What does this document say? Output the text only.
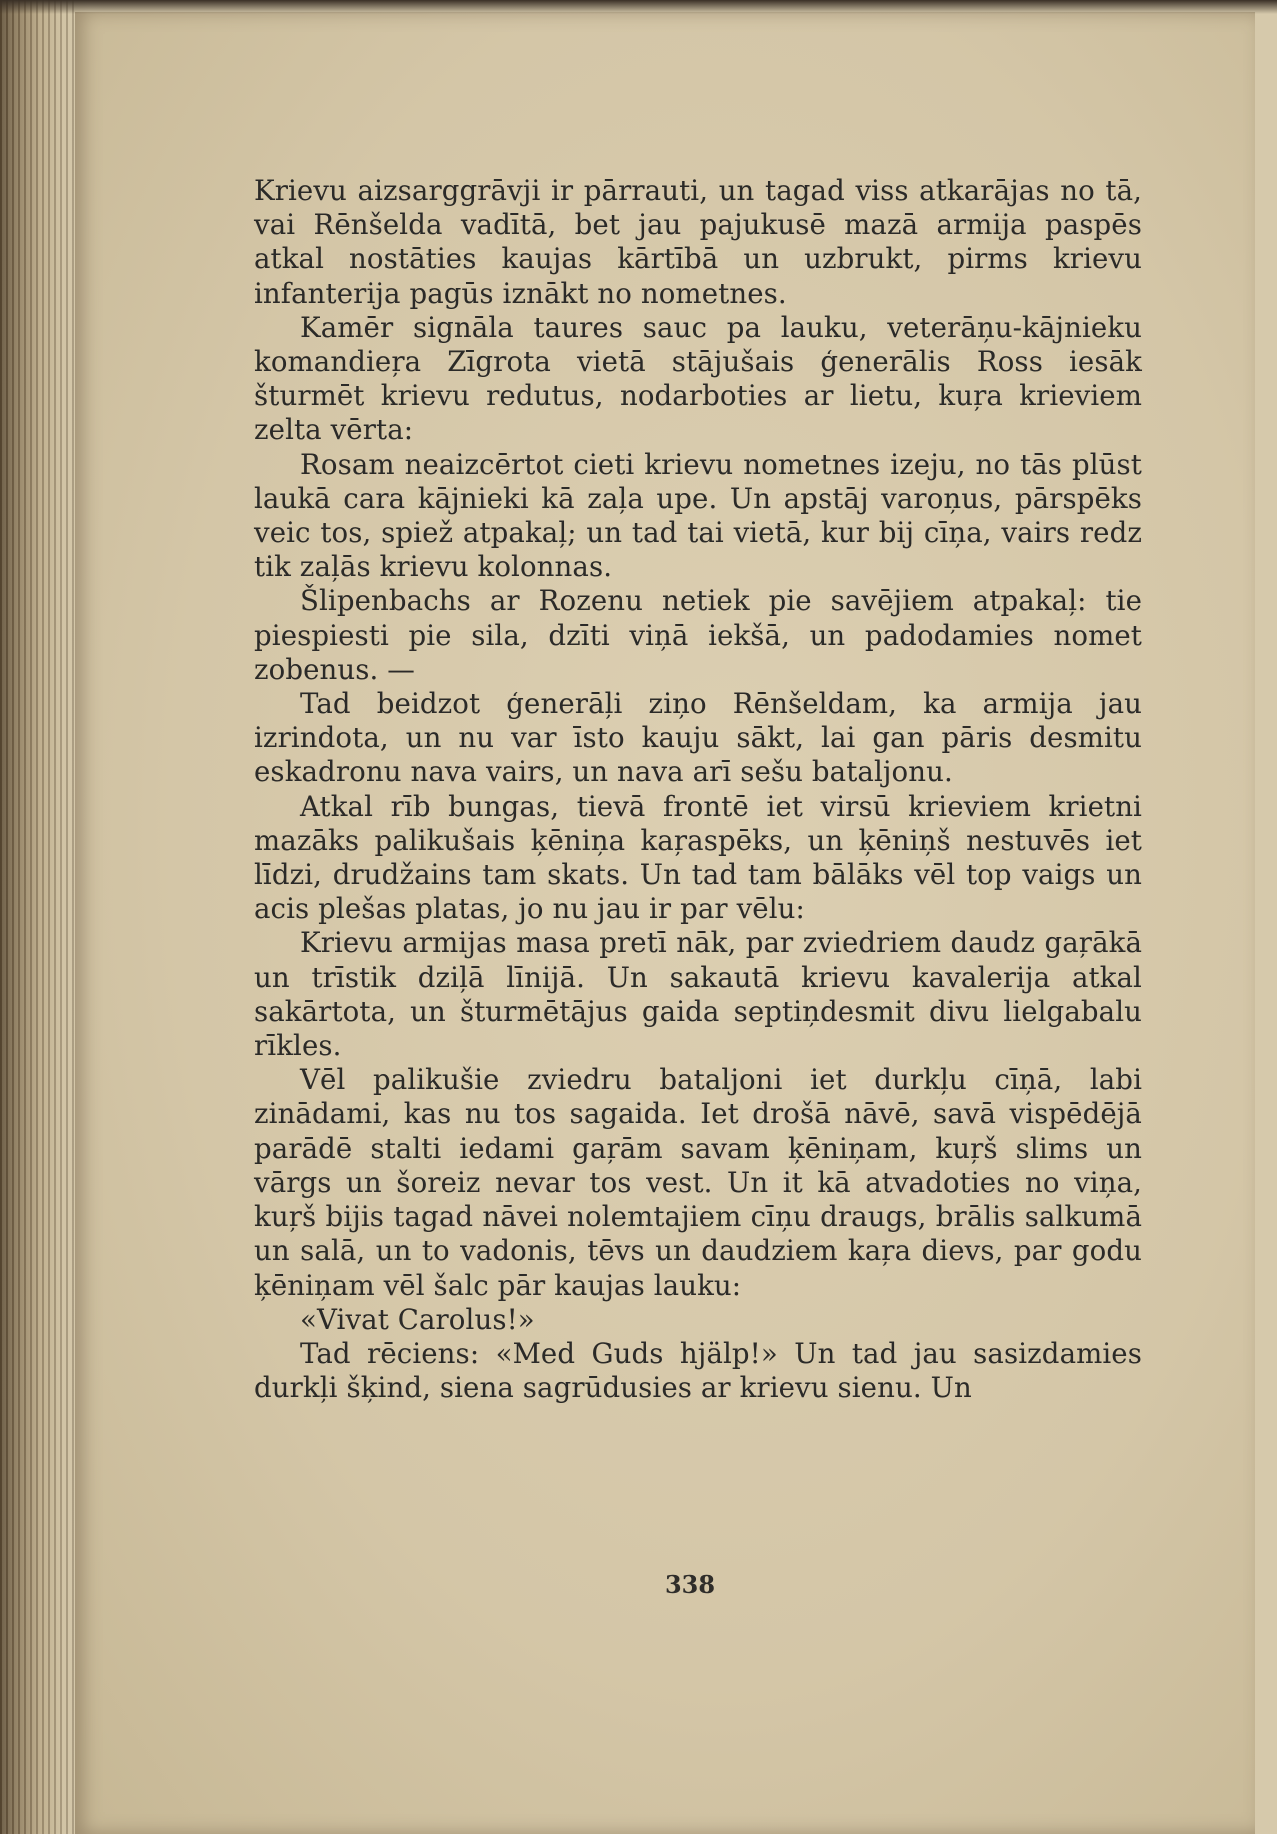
Krievu aizsarggrāvji ir pārrauti, un tagad viss atkarājas no tā, vai Rēnšelda vadītā, bet jau pajukusē mazā armija paspēs atkal nostāties kaujas kārtībā un uzbrukt, pirms krievu infanterija pagūs iznākt no nometnes.

Kamēr signāla taures sauc pa lauku, veterāņu-kājnieku komandieŗa Zīgrota vietā stājušais ģenerālis Ross iesāk šturmēt krievu redutus, nodarboties ar lietu, kuŗa krieviem zelta vērta:

Rosam neaizcērtot cieti krievu nometnes izeju, no tās plūst laukā cara kājnieki kā zaļa upe. Un apstāj varoņus, pārspēks veic tos, spiež atpakaļ; un tad tai vietā, kur bij cīņa, vairs redz tik zaļās krievu kolonnas.

Šlipenbachs ar Rozenu netiek pie savējiem atpakaļ: tie piespiesti pie sila, dzīti viņā iekšā, un padodamies nomet zobenus. —

Tad beidzot ģenerāļi ziņo Rēnšeldam, ka armija jau izrindota, un nu var īsto kauju sākt, lai gan pāris desmitu eskadronu nava vairs, un nava arī sešu bataljonu.

Atkal rīb bungas, tievā frontē iet virsū krieviem krietni mazāks palikušais ķēniņa kaŗaspēks, un ķēniņš nestuvēs iet līdzi, drudžains tam skats. Un tad tam bālāks vēl top vaigs un acis plešas platas, jo nu jau ir par vēlu:

Krievu armijas masa pretī nāk, par zviedriem daudz gaŗākā un trīstik dziļā līnijā. Un sakautā krievu kavalerija atkal sakārtota, un šturmētājus gaida septiņdesmit divu lielgabalu rīkles.

Vēl palikušie zviedru bataljoni iet durkļu cīņā, labi zinādami, kas nu tos sagaida. Iet drošā nāvē, savā vispēdējā parādē stalti iedami gaŗām savam ķēniņam, kuŗš slims un vārgs un šoreiz nevar tos vest. Un it kā atvadoties no viņa, kuŗš bijis tagad nāvei nolemtajiem cīņu draugs, brālis salkumā un salā, un to vadonis, tēvs un daudziem kaŗa dievs, par godu ķēniņam vēl šalc pār kaujas lauku:

«Vivat Carolus!»

Tad rēciens: «Med Guds hjälp!» Un tad jau sasizdamies durkļi šķind, siena sagrūdusies ar krievu sienu. Un

338
